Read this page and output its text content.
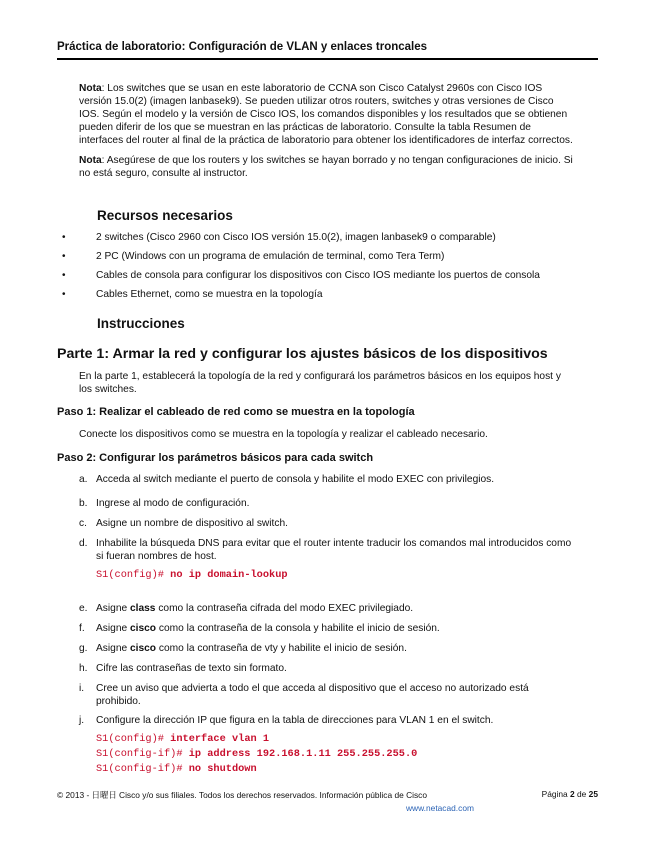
Práctica de laboratorio: Configuración de VLAN y enlaces troncales
Nota: Los switches que se usan en este laboratorio de CCNA son Cisco Catalyst 2960s con Cisco IOS
versión 15.0(2) (imagen lanbasek9). Se pueden utilizar otros routers, switches y otras versiones de Cisco
IOS. Según el modelo y la versión de Cisco IOS, los comandos disponibles y los resultados que se obtienen
pueden diferir de los que se muestran en las prácticas de laboratorio. Consulte la tabla Resumen de
interfaces del router al final de la práctica de laboratorio para obtener los identificadores de interfaz correctos.
Nota: Asegúrese de que los routers y los switches se hayan borrado y no tengan configuraciones de inicio. Si
no está seguro, consulte al instructor.
Recursos necesarios
•	2 switches (Cisco 2960 con Cisco IOS versión 15.0(2), imagen lanbasek9 o comparable)
•	2 PC (Windows con un programa de emulación de terminal, como Tera Term)
•	Cables de consola para configurar los dispositivos con Cisco IOS mediante los puertos de consola
•	Cables Ethernet, como se muestra en la topología
Instrucciones
Parte 1: Armar la red y configurar los ajustes básicos de los dispositivos
En la parte 1, establecerá la topología de la red y configurará los parámetros básicos en los equipos host y
los switches.
Paso 1: Realizar el cableado de red como se muestra en la topología
Conecte los dispositivos como se muestra en la topología y realizar el cableado necesario.
Paso 2: Configurar los parámetros básicos para cada switch
a. Acceda al switch mediante el puerto de consola y habilite el modo EXEC con privilegios.
b. Ingrese al modo de configuración.
c. Asigne un nombre de dispositivo al switch.
d. Inhabilite la búsqueda DNS para evitar que el router intente traducir los comandos mal introducidos como
si fueran nombres de host.
S1(config)# no ip domain-lookup
e. Asigne class como la contraseña cifrada del modo EXEC privilegiado.
f. Asigne cisco como la contraseña de la consola y habilite el inicio de sesión.
g. Asigne cisco como la contraseña de vty y habilite el inicio de sesión.
h. Cifre las contraseñas de texto sin formato.
i. Cree un aviso que advierta a todo el que acceda al dispositivo que el acceso no autorizado está
prohibido.
j. Configure la dirección IP que figura en la tabla de direcciones para VLAN 1 en el switch.
S1(config)# interface vlan 1
S1(config-if)# ip address 192.168.1.11 255.255.255.0
S1(config-if)# no shutdown
© 2013 - 日曜日 Cisco y/o sus filiales. Todos los derechos reservados. Información pública de Cisco	Página 2 de 25
www.netacad.com
